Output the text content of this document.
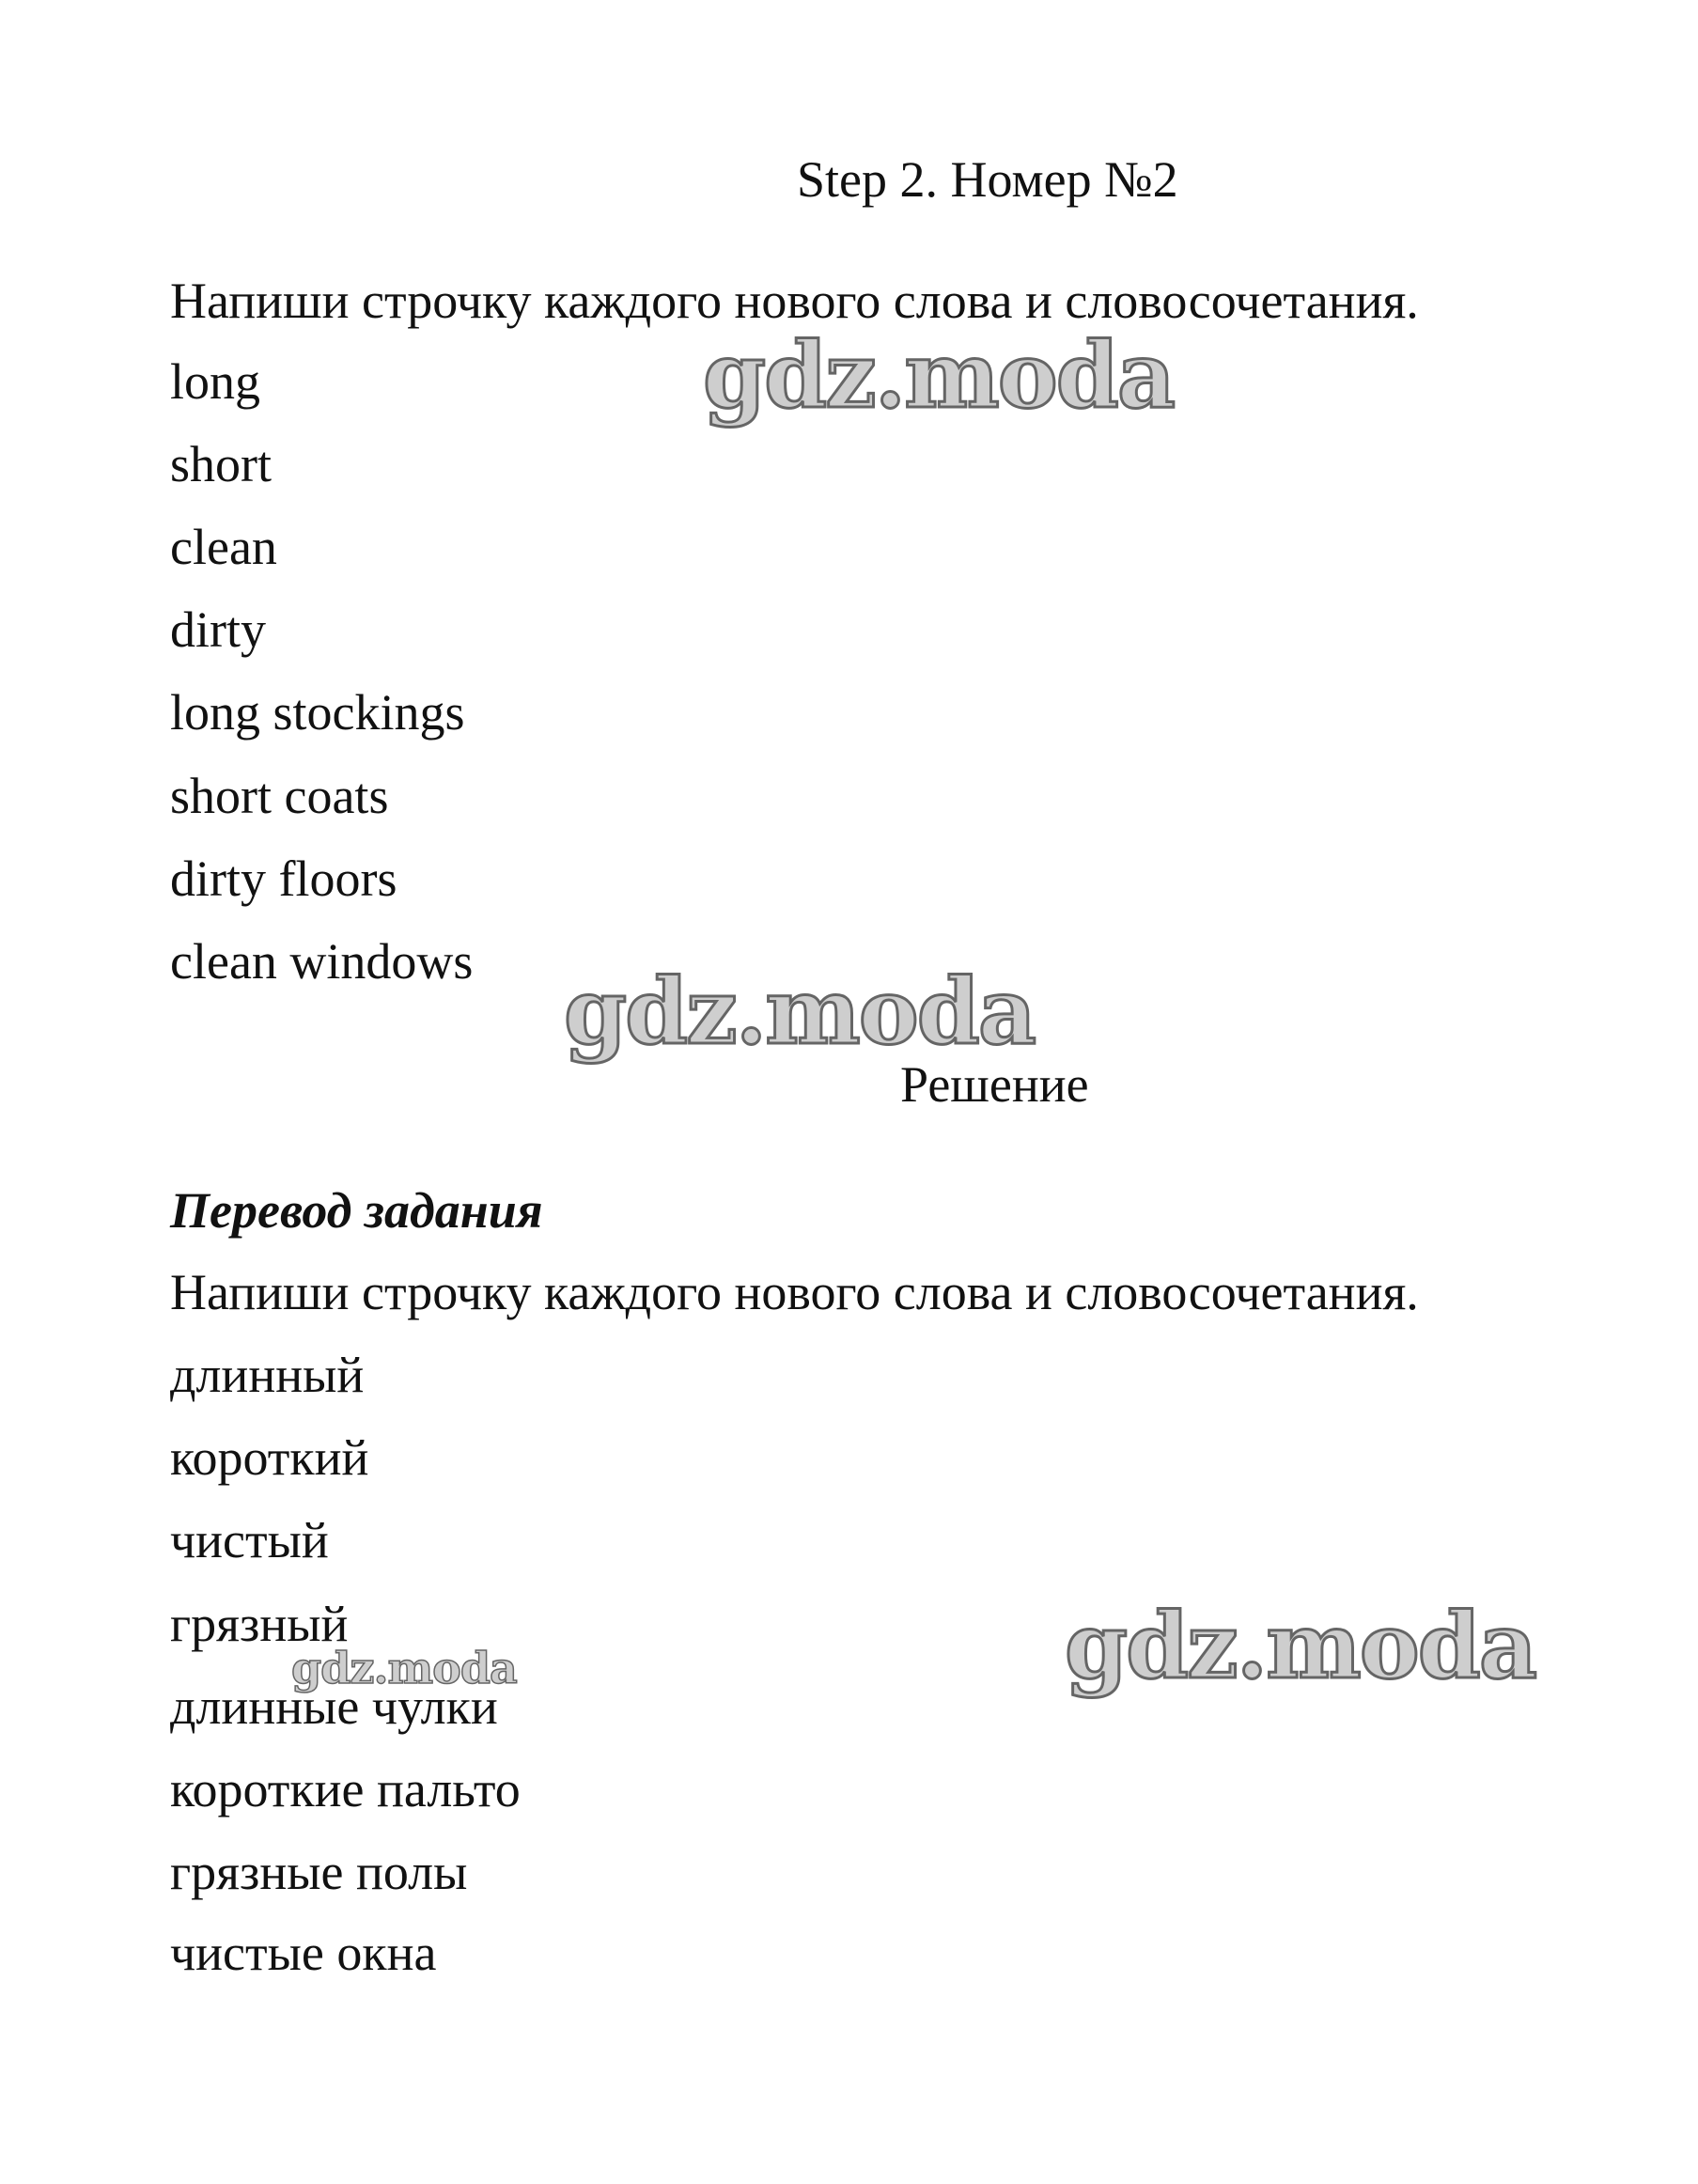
Step 2. Номер №2
Напиши строчку каждого нового слова и словосочетания.
long
short
clean
dirty
long stockings
short coats
dirty floors
clean windows
Решение
Перевод задания
Напиши строчку каждого нового слова и словосочетания.
длинный
короткий
чистый
грязный
длинные чулки
короткие пальто
грязные полы
чистые окна
gdz.moda
gdz.moda
gdz.moda
gdz.moda
